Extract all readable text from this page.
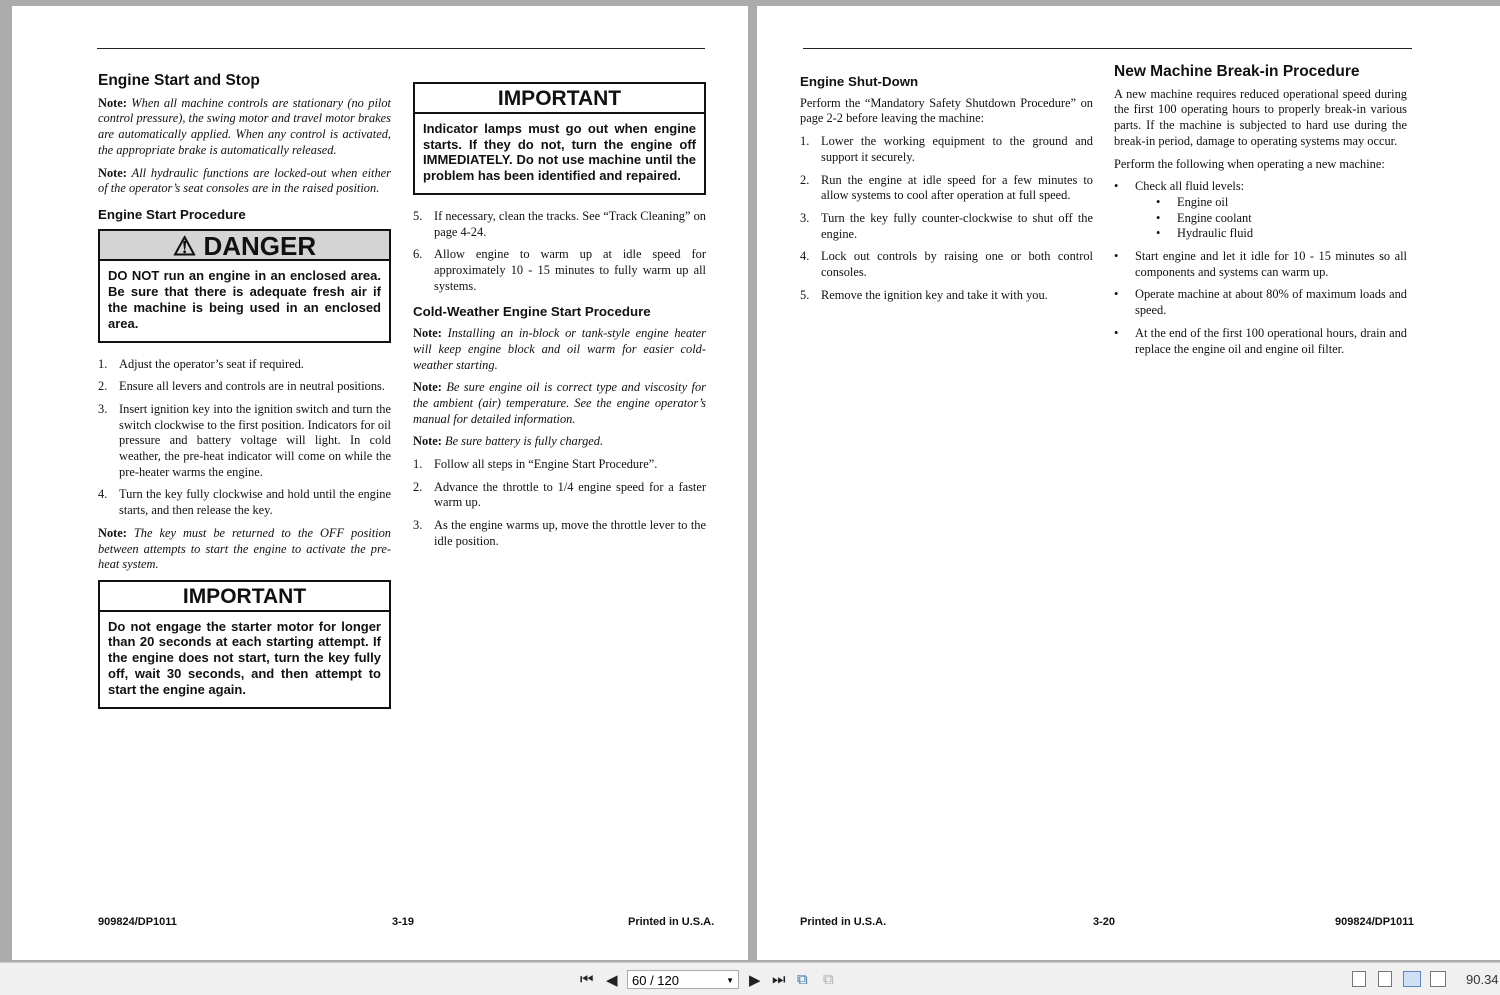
Engine Start and Stop
Note: When all machine controls are stationary (no pilot control pressure), the swing motor and travel motor brakes are automatically applied. When any control is activated, the appropriate brake is automatically released.
Note: All hydraulic functions are locked-out when either of the operator’s seat consoles are in the raised position.
Engine Start Procedure
⚠ DANGER
DO NOT run an engine in an enclosed area. Be sure that there is adequate fresh air if the machine is being used in an enclosed area.
1. Adjust the operator’s seat if required.
2. Ensure all levers and controls are in neutral positions.
3. Insert ignition key into the ignition switch and turn the switch clockwise to the first position. Indicators for oil pressure and battery voltage will light. In cold weather, the pre-heat indicator will come on while the pre-heater warms the engine.
4. Turn the key fully clockwise and hold until the engine starts, and then release the key.
Note: The key must be returned to the OFF position between attempts to start the engine to activate the pre-heat system.
IMPORTANT
Do not engage the starter motor for longer than 20 seconds at each starting attempt. If the engine does not start, turn the key fully off, wait 30 seconds, and then attempt to start the engine again.
IMPORTANT
Indicator lamps must go out when engine starts. If they do not, turn the engine off IMMEDIATELY. Do not use machine until the problem has been identified and repaired.
5. If necessary, clean the tracks. See “Track Cleaning” on page 4-24.
6. Allow engine to warm up at idle speed for approximately 10 - 15 minutes to fully warm up all systems.
Cold-Weather Engine Start Procedure
Note: Installing an in-block or tank-style engine heater will keep engine block and oil warm for easier cold-weather starting.
Note: Be sure engine oil is correct type and viscosity for the ambient (air) temperature. See the engine operator’s manual for detailed information.
Note: Be sure battery is fully charged.
1. Follow all steps in “Engine Start Procedure”.
2. Advance the throttle to 1/4 engine speed for a faster warm up.
3. As the engine warms up, move the throttle lever to the idle position.
909824/DP1011	3-19	Printed in U.S.A.
Engine Shut-Down
Perform the “Mandatory Safety Shutdown Procedure” on page 2-2 before leaving the machine:
1. Lower the working equipment to the ground and support it securely.
2. Run the engine at idle speed for a few minutes to allow systems to cool after operation at full speed.
3. Turn the key fully counter-clockwise to shut off the engine.
4. Lock out controls by raising one or both control consoles.
5. Remove the ignition key and take it with you.
New Machine Break-in Procedure
A new machine requires reduced operational speed during the first 100 operating hours to properly break-in various parts. If the machine is subjected to hard use during the break-in period, damage to operating systems may occur.
Perform the following when operating a new machine:
•	Check all fluid levels:
•	Engine oil
•	Engine coolant
•	Hydraulic fluid
•	Start engine and let it idle for 10 - 15 minutes so all components and systems can warm up.
•	Operate machine at about 80% of maximum loads and speed.
•	At the end of the first 100 operational hours, drain and replace the engine oil and engine oil filter.
Printed in U.S.A.	3-20	909824/DP1011
⏮ ◀	60 / 120	▼ ▶ ⏭ ⧉ ⧉	90.34
